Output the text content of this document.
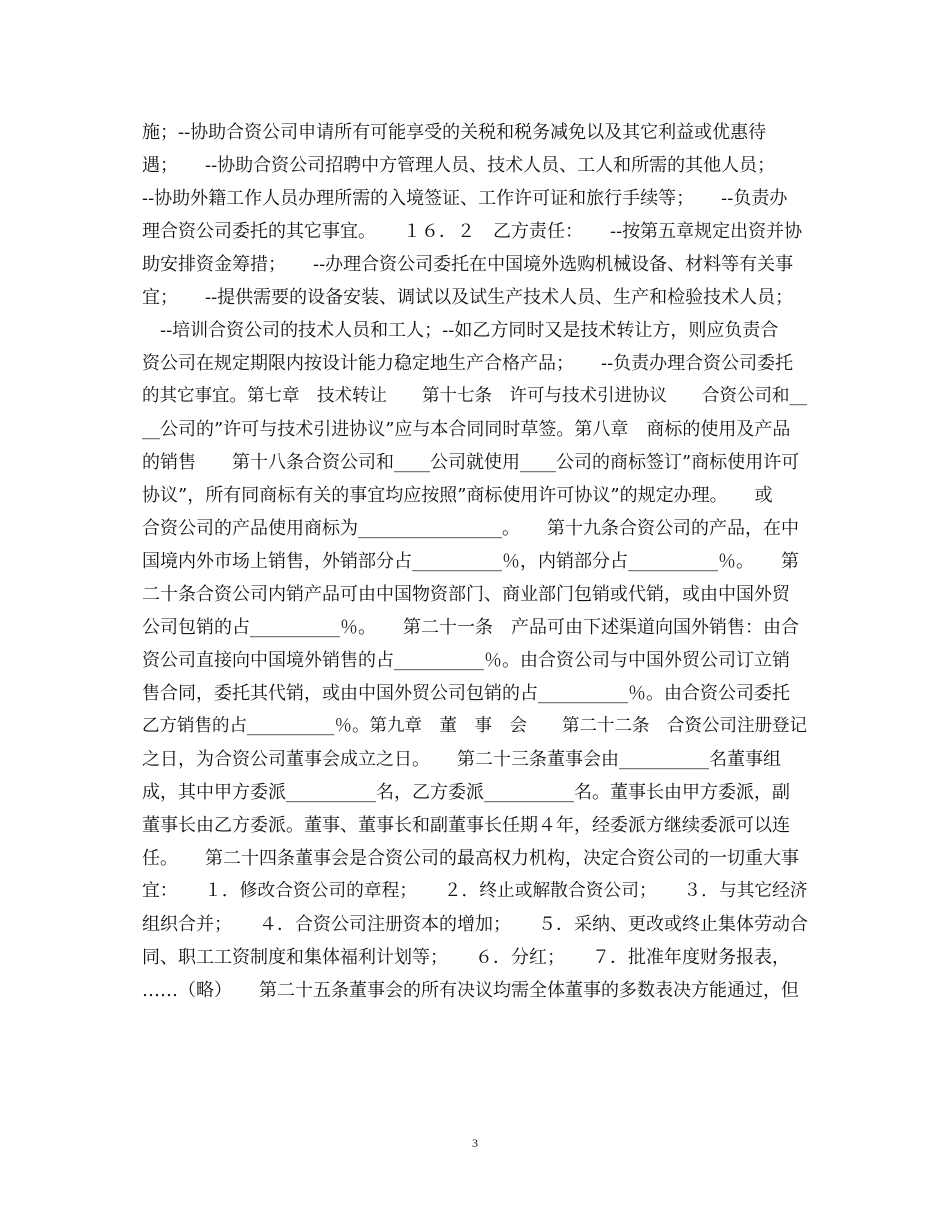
施；--协助合资公司申请所有可能享受的关税和税务减免以及其它利益或优惠待
遇；　　--协助合资公司招聘中方管理人员、技术人员、工人和所需的其他人员；
--协助外籍工作人员办理所需的入境签证、工作许可证和旅行手续等；　　--负责办
理合资公司委托的其它事宜。　　１６．２　乙方责任：　　--按第五章规定出资并协
助安排资金筹措；　　--办理合资公司委托在中国境外选购机械设备、材料等有关事
宜；　　--提供需要的设备安装、调试以及试生产技术人员、生产和检验技术人员；
　--培训合资公司的技术人员和工人；--如乙方同时又是技术转让方，则应负责合
资公司在规定期限内按设计能力稳定地生产合格产品；　　--负责办理合资公司委托
的其它事宜。第七章　技术转让　　第十七条　许可与技术引进协议　　合资公司和__
__公司的”许可与技术引进协议”应与本合同同时草签。第八章　商标的使用及产品
的销售　　第十八条合资公司和____公司就使用____公司的商标签订”商标使用许可
协议”，所有同商标有关的事宜均应按照”商标使用许可协议”的规定办理。　　或
合资公司的产品使用商标为________________。　　第十九条合资公司的产品，在中
国境内外市场上销售，外销部分占__________％，内销部分占__________％。　　第
二十条合资公司内销产品可由中国物资部门、商业部门包销或代销，或由中国外贸
公司包销的占__________％。　　第二十一条　产品可由下述渠道向国外销售：由合
资公司直接向中国境外销售的占__________％。由合资公司与中国外贸公司订立销
售合同，委托其代销，或由中国外贸公司包销的占__________％。由合资公司委托
乙方销售的占__________％。第九章　董　事　会　　第二十二条　合资公司注册登记
之日，为合资公司董事会成立之日。　　第二十三条董事会由__________名董事组
成，其中甲方委派__________名，乙方委派__________名。董事长由甲方委派，副
董事长由乙方委派。董事、董事长和副董事长任期４年，经委派方继续委派可以连
任。　　第二十四条董事会是合资公司的最高权力机构，决定合资公司的一切重大事
宜：　　１．修改合资公司的章程；　　２．终止或解散合资公司；　　３．与其它经济
组织合并；　　４．合资公司注册资本的增加；　　５．采纳、更改或终止集体劳动合
同、职工工资制度和集体福利计划等；　　６．分红；　　７．批准年度财务报表，
……（略）　　第二十五条董事会的所有决议均需全体董事的多数表决方能通过，但
3
